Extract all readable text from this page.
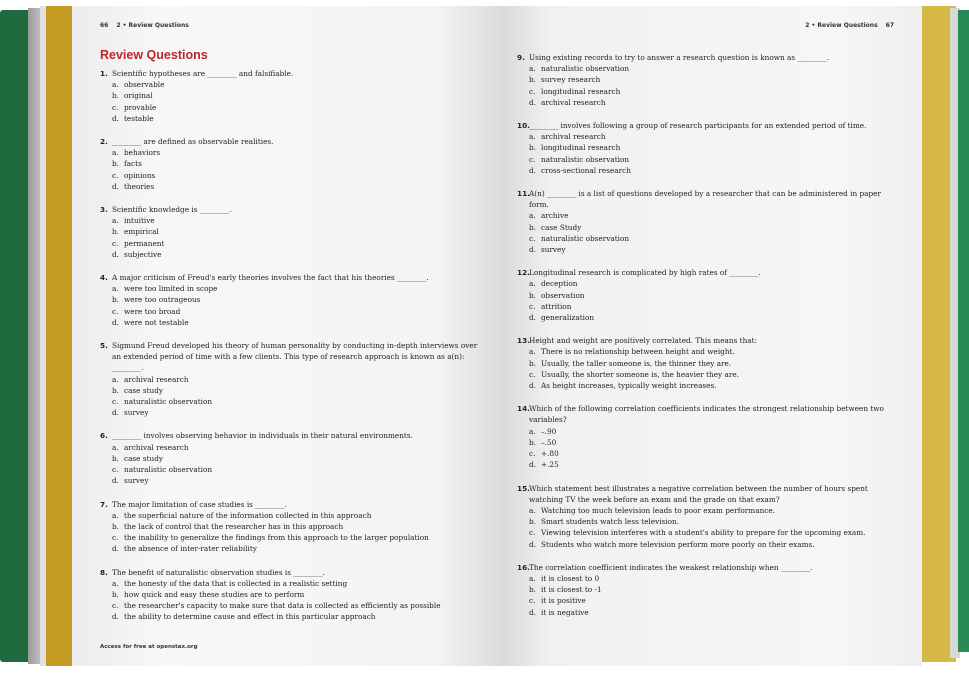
66 2 • Review Questions
Review Questions
1. Scientific hypotheses are ________ and falsifiable.
a. observable
b. original
c. provable
d. testable
2. ________ are defined as observable realities.
a. behaviors
b. facts
c. opinions
d. theories
3. Scientific knowledge is ________.
a. intuitive
b. empirical
c. permanent
d. subjective
4. A major criticism of Freud's early theories involves the fact that his theories ________.
a. were too limited in scope
b. were too outrageous
c. were too broad
d. were not testable
5. Sigmund Freud developed his theory of human personality by conducting in-depth interviews over an extended period of time with a few clients. This type of research approach is known as a(n): ________.
a. archival research
b. case study
c. naturalistic observation
d. survey
6. ________ involves observing behavior in individuals in their natural environments.
a. archival research
b. case study
c. naturalistic observation
d. survey
7. The major limitation of case studies is ________.
a. the superficial nature of the information collected in this approach
b. the lack of control that the researcher has in this approach
c. the inability to generalize the findings from this approach to the larger population
d. the absence of inter-rater reliability
8. The benefit of naturalistic observation studies is ________.
a. the honesty of the data that is collected in a realistic setting
b. how quick and easy these studies are to perform
c. the researcher's capacity to make sure that data is collected as efficiently as possible
d. the ability to determine cause and effect in this particular approach
Access for free at openstax.org
2 • Review Questions 67
9. Using existing records to try to answer a research question is known as ________.
a. naturalistic observation
b. survey research
c. longitudinal research
d. archival research
10. ________ involves following a group of research participants for an extended period of time.
a. archival research
b. longitudinal research
c. naturalistic observation
d. cross-sectional research
11. A(n) ________ is a list of questions developed by a researcher that can be administered in paper form.
a. archive
b. case Study
c. naturalistic observation
d. survey
12. Longitudinal research is complicated by high rates of ________.
a. deception
b. observation
c. attrition
d. generalization
13. Height and weight are positively correlated. This means that:
a. There is no relationship between height and weight.
b. Usually, the taller someone is, the thinner they are.
c. Usually, the shorter someone is, the heavier they are.
d. As height increases, typically weight increases.
14. Which of the following correlation coefficients indicates the strongest relationship between two variables?
a. –.90
b. –.50
c. +.80
d. +.25
15. Which statement best illustrates a negative correlation between the number of hours spent watching TV the week before an exam and the grade on that exam?
a. Watching too much television leads to poor exam performance.
b. Smart students watch less television.
c. Viewing television interferes with a student's ability to prepare for the upcoming exam.
d. Students who watch more television perform more poorly on their exams.
16. The correlation coefficient indicates the weakest relationship when ________.
a. it is closest to 0
b. it is closest to -1
c. it is positive
d. it is negative
